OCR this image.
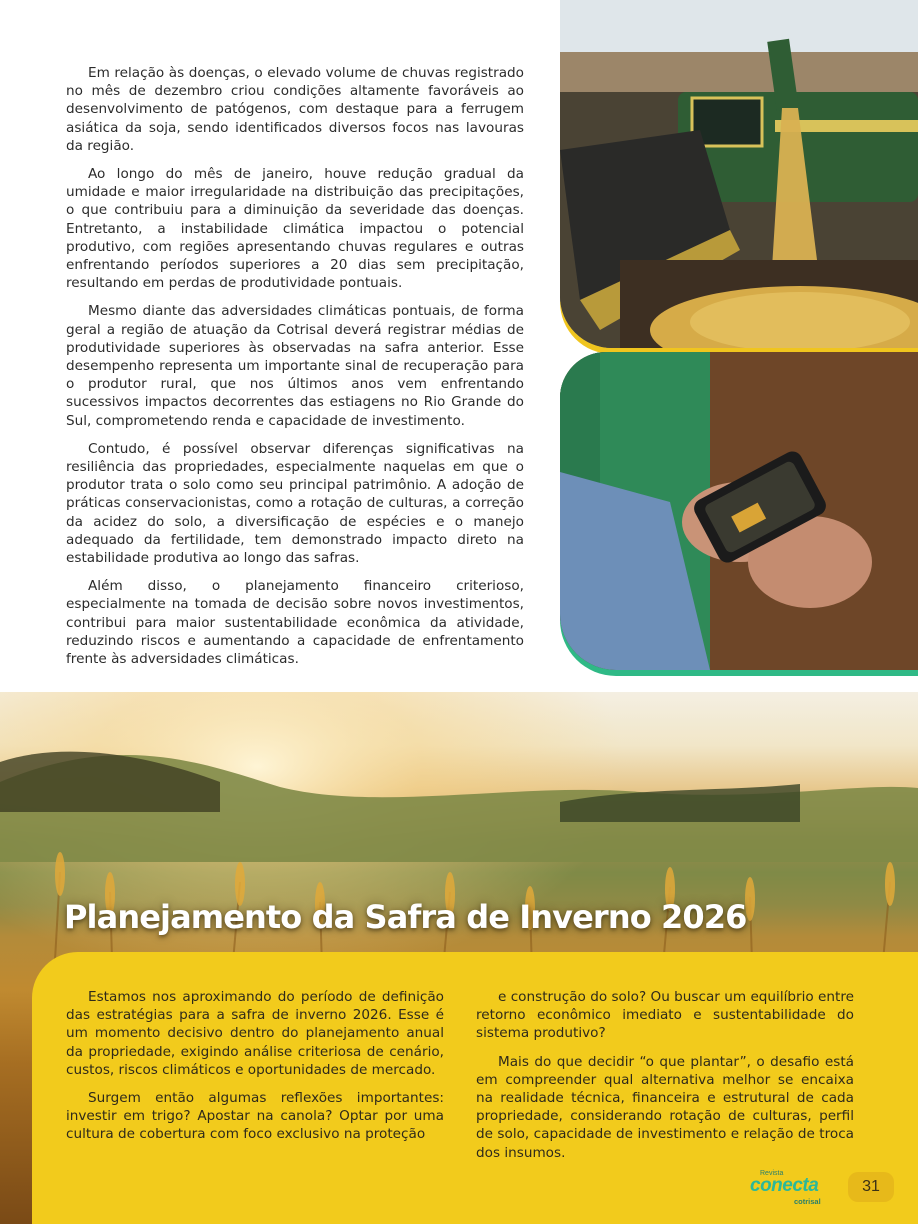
Em relação às doenças, o elevado volume de chuvas registrado no mês de dezembro criou condições altamente favoráveis ao desenvolvimento de patógenos, com destaque para a ferrugem asiática da soja, sendo identificados diversos focos nas lavouras da região.

Ao longo do mês de janeiro, houve redução gradual da umidade e maior irregularidade na distribuição das precipitações, o que contribuiu para a diminuição da severidade das doenças. Entretanto, a instabilidade climática impactou o potencial produtivo, com regiões apresentando chuvas regulares e outras enfrentando períodos superiores a 20 dias sem precipitação, resultando em perdas de produtividade pontuais.

Mesmo diante das adversidades climáticas pontuais, de forma geral a região de atuação da Cotrisal deverá registrar médias de produtividade superiores às observadas na safra anterior. Esse desempenho representa um importante sinal de recuperação para o produtor rural, que nos últimos anos vem enfrentando sucessivos impactos decorrentes das estiagens no Rio Grande do Sul, comprometendo renda e capacidade de investimento.

Contudo, é possível observar diferenças significativas na resiliência das propriedades, especialmente naquelas em que o produtor trata o solo como seu principal patrimônio. A adoção de práticas conservacionistas, como a rotação de culturas, a correção da acidez do solo, a diversificação de espécies e o manejo adequado da fertilidade, tem demonstrado impacto direto na estabilidade produtiva ao longo das safras.

Além disso, o planejamento financeiro criterioso, especialmente na tomada de decisão sobre novos investimentos, contribui para maior sustentabilidade econômica da atividade, reduzindo riscos e aumentando a capacidade de enfrentamento frente às adversidades climáticas.

Planejamento da Safra de Inverno 2026

Estamos nos aproximando do período de definição das estratégias para a safra de inverno 2026. Esse é um momento decisivo dentro do planejamento anual da propriedade, exigindo análise criteriosa de cenário, custos, riscos climáticos e oportunidades de mercado.

Surgem então algumas reflexões importantes: investir em trigo? Apostar na canola? Optar por uma cultura de cobertura com foco exclusivo na proteção

e construção do solo? Ou buscar um equilíbrio entre retorno econômico imediato e sustentabilidade do sistema produtivo?

Mais do que decidir “o que plantar”, o desafio está em compreender qual alternativa melhor se encaixa na realidade técnica, financeira e estrutural de cada propriedade, considerando rotação de culturas, perfil de solo, capacidade de investimento e relação de troca dos insumos.

Revista
conecta
cotrisal
31
